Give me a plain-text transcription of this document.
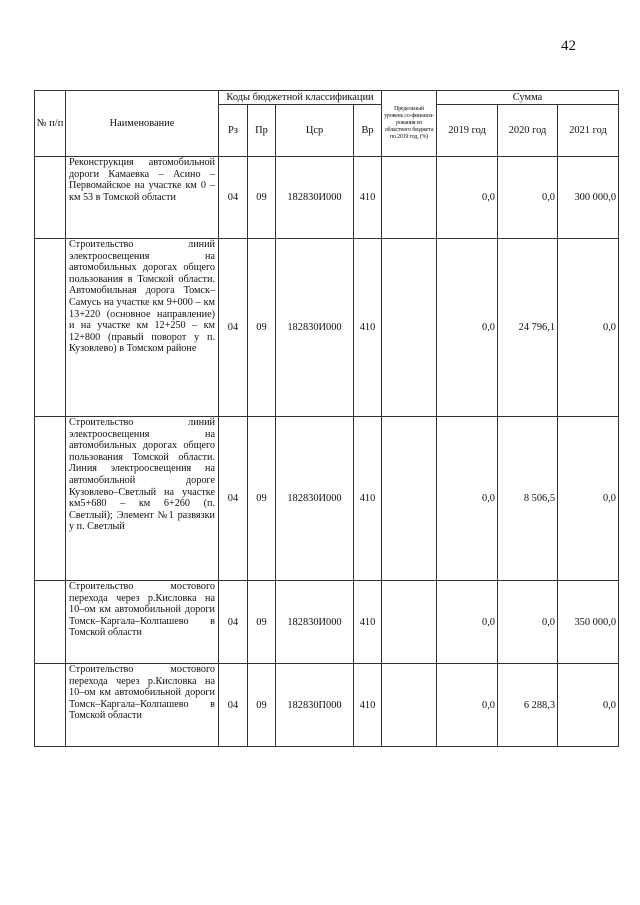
42
№ п/п	Наименование	Коды бюджетной классификации				Предельный уровень со-финанси-рования из областного бюджета по 2019 год, (%)	Сумма		
		Рз	Пр	Цср	Вр		2019 год	2020 год	2021 год
	Реконструкция автомобильной дороги Камаевка – Асино – Первомайское на участке км 0 – км 53 в Томской области	04	09	182830И000	410		0,0	0,0	300 000,0
	Строительство линий электроосвещения на автомобильных дорогах общего пользования в Томской области. Автомобильная дорога Томск–Самусь на участке км 9+000 – км 13+220 (основное направление) и на участке км 12+250 – км 12+800 (правый поворот у п. Кузовлево) в Томском районе	04	09	182830И000	410		0,0	24 796,1	0,0
	Строительство линий электроосвещения на автомобильных дорогах общего пользования Томской области. Линия электроосвещения на автомобильной дороге Кузовлево–Светлый на участке км5+680 – км 6+260 (п. Светлый); Элемент №1 развязки у п. Светлый	04	09	182830И000	410		0,0	8 506,5	0,0
	Строительство мостового перехода через р.Кисловка на 10–ом км автомобильной дороги Томск–Каргала–Колпашево в Томской области	04	09	182830И000	410		0,0	0,0	350 000,0
	Строительство мостового перехода через р.Кисловка на 10–ом км автомобильной дороги Томск–Каргала–Колпашево в Томской области	04	09	182830П000	410		0,0	6 288,3	0,0
